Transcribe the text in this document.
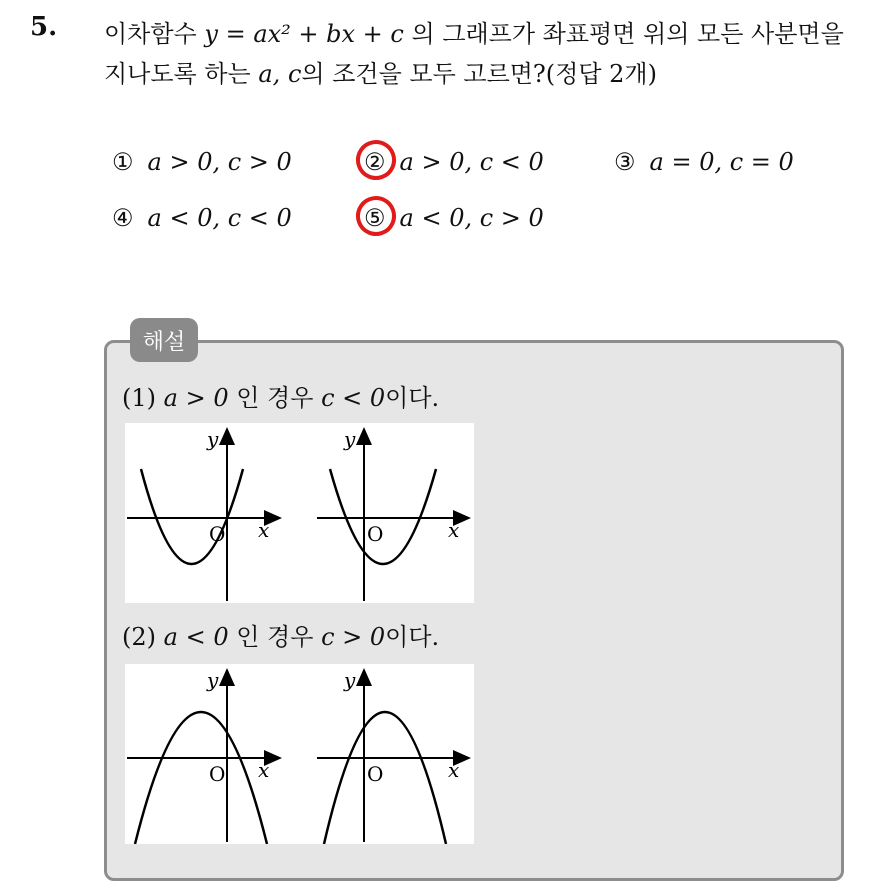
5. 이차함수 y = ax² + bx + c 의 그래프가 좌표평면 위의 모든 사분면을
지나도록 하는 a, c의 조건을 모두 고르면?(정답 2개)
① a > 0, c > 0	② a > 0, c < 0	③ a = 0, c = 0
④ a < 0, c < 0	⑤ a < 0, c > 0
해설
(1) a > 0 인 경우 c < 0이다.
y
x
O
y
x
O
(2) a < 0 인 경우 c > 0이다.
y
x
O
y
x
O
